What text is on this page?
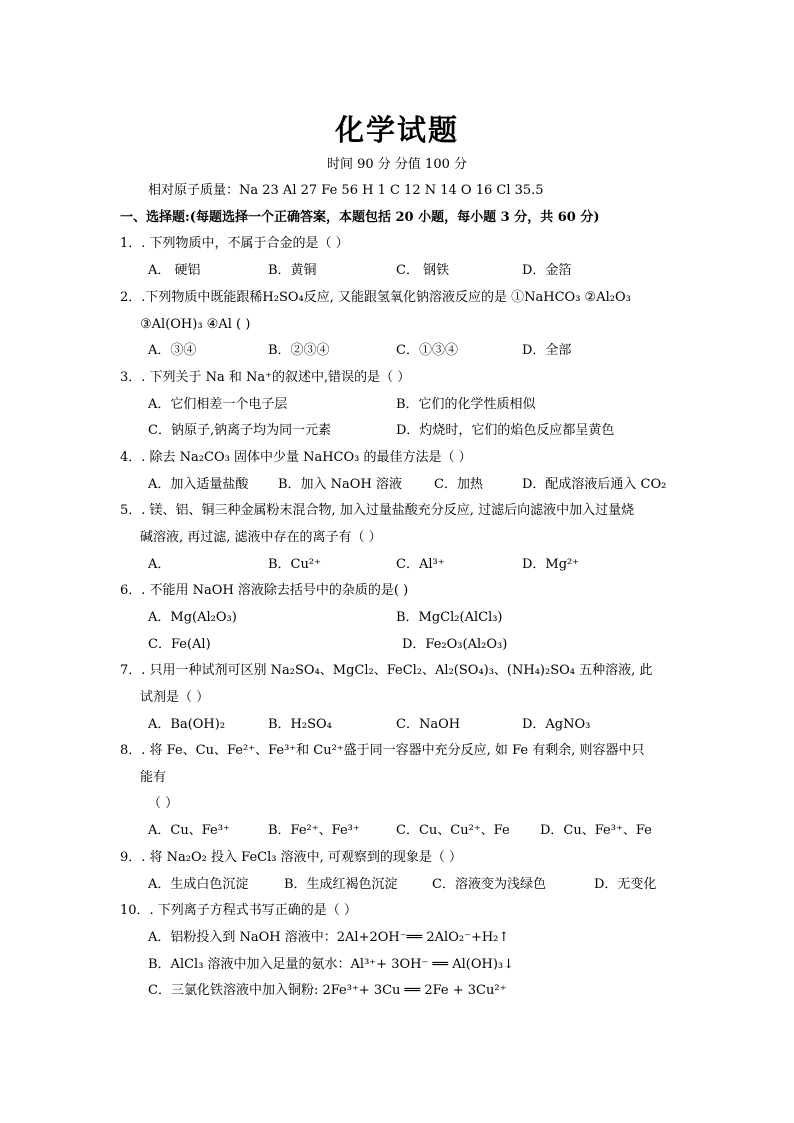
化学试题
时间 90 分 分值 100 分
相对原子质量：Na 23 Al 27 Fe 56 H 1 C 12 N 14 O 16 Cl 35.5
一、选择题:(每题选择一个正确答案，本题包括 20 小题，每小题 3 分，共 60 分)
1．. 下列物质中，不属于合金的是（ ）
A． 硬铝	B．黄铜	C． 钢铁	D．金箔
2．.下列物质中既能跟稀H₂SO₄反应, 又能跟氢氧化钠溶液反应的是 ①NaHCO₃ ②Al₂O₃
③Al(OH)₃ ④Al ( )
A．③④	B．②③④	C．①③④	D．全部
3．. 下列关于 Na 和 Na⁺的叙述中,错误的是（ ）
A．它们相差一个电子层	B．它们的化学性质相似
C．钠原子,钠离子均为同一元素	D．灼烧时，它们的焰色反应都呈黄色
4．. 除去 Na₂CO₃ 固体中少量 NaHCO₃ 的最佳方法是（ ）
A．加入适量盐酸 B．加入 NaOH 溶液 C．加热	D．配成溶液后通入 CO₂
5．. 镁、铝、铜三种金属粉末混合物, 加入过量盐酸充分反应, 过滤后向滤液中加入过量烧
碱溶液, 再过滤, 滤液中存在的离子有（ ）
A．	B．Cu²⁺	C．Al³⁺	D．Mg²⁺
6．. 不能用 NaOH 溶液除去括号中的杂质的是( )
A．Mg(Al₂O₃)	B．MgCl₂(AlCl₃)
C．Fe(Al)	D．Fe₂O₃(Al₂O₃)
7．. 只用一种试剂可区别 Na₂SO₄、MgCl₂、FeCl₂、Al₂(SO₄)₃、(NH₄)₂SO₄ 五种溶液, 此
试剂是（ ）
A．Ba(OH)₂	B．H₂SO₄	C．NaOH	D．AgNO₃
8．. 将 Fe、Cu、Fe²⁺、Fe³⁺和 Cu²⁺盛于同一容器中充分反应, 如 Fe 有剩余, 则容器中只
能有
（ ）
A．Cu、Fe³⁺	B．Fe²⁺、Fe³⁺	C．Cu、Cu²⁺、Fe D．Cu、Fe³⁺、Fe
9．. 将 Na₂O₂ 投入 FeCl₃ 溶液中, 可观察到的现象是（ ）
A．生成白色沉淀	B．生成红褐色沉淀	C．溶液变为浅绿色	D．无变化
10．. 下列离子方程式书写正确的是（ ）
A．铝粉投入到 NaOH 溶液中：2Al+2OH⁻══ 2AlO₂⁻+H₂↑
B．AlCl₃ 溶液中加入足量的氨水：Al³⁺+ 3OH⁻ ══ Al(OH)₃↓
C．三氯化铁溶液中加入铜粉: 2Fe³⁺+ 3Cu ══ 2Fe + 3Cu²⁺
